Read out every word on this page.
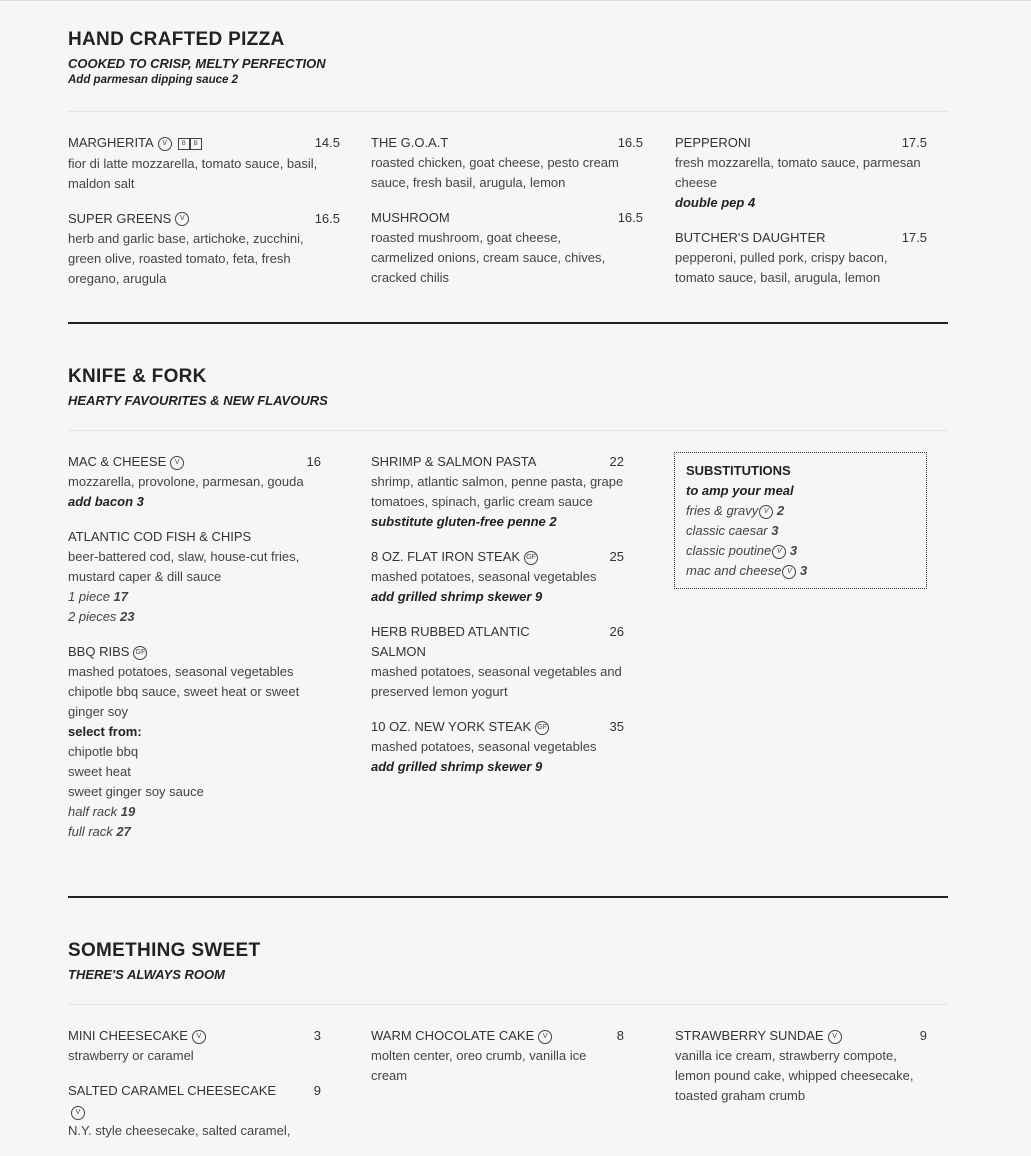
HAND CRAFTED PIZZA
COOKED TO CRISP, MELTY PERFECTION
Add parmesan dipping sauce 2
MARGHERITA V B B	14.5
fior di latte mozzarella, tomato sauce, basil, maldon salt
SUPER GREENS V	16.5
herb and garlic base, artichoke, zucchini, green olive, roasted tomato, feta, fresh oregano, arugula
THE G.O.A.T	16.5
roasted chicken, goat cheese, pesto cream sauce, fresh basil, arugula, lemon
MUSHROOM	16.5
roasted mushroom, goat cheese, carmelized onions, cream sauce, chives, cracked chilis
PEPPERONI	17.5
fresh mozzarella, tomato sauce, parmesan cheese
double pep 4
BUTCHER'S DAUGHTER	17.5
pepperoni, pulled pork, crispy bacon, tomato sauce, basil, arugula, lemon
KNIFE & FORK
HEARTY FAVOURITES & NEW FLAVOURS
MAC & CHEESE V	16
mozzarella, provolone, parmesan, gouda
add bacon 3
ATLANTIC COD FISH & CHIPS
beer-battered cod, slaw, house-cut fries, mustard caper & dill sauce
1 piece 17
2 pieces 23
BBQ RIBS GF
mashed potatoes, seasonal vegetables chipotle bbq sauce, sweet heat or sweet ginger soy
select from:
chipotle bbq
sweet heat
sweet ginger soy sauce
half rack 19
full rack 27
SHRIMP & SALMON PASTA	22
shrimp, atlantic salmon, penne pasta, grape tomatoes, spinach, garlic cream sauce
substitute gluten-free penne 2
8 OZ. FLAT IRON STEAK GF	25
mashed potatoes, seasonal vegetables
add grilled shrimp skewer 9
HERB RUBBED ATLANTIC SALMON
26
mashed potatoes, seasonal vegetables and preserved lemon yogurt
10 OZ. NEW YORK STEAK GF	35
mashed potatoes, seasonal vegetables
add grilled shrimp skewer 9
SUBSTITUTIONS
to amp your meal
fries & gravy V 2
classic caesar 3
classic poutine V 3
mac and cheese V 3
SOMETHING SWEET
THERE'S ALWAYS ROOM
MINI CHEESECAKE V	3
strawberry or caramel
SALTED CARAMEL CHEESECAKE
V
9
N.Y. style cheesecake, salted caramel,
WARM CHOCOLATE CAKE V	8
molten center, oreo crumb, vanilla ice cream
STRAWBERRY SUNDAE V	9
vanilla ice cream, strawberry compote, lemon pound cake, whipped cheesecake, toasted graham crumb
